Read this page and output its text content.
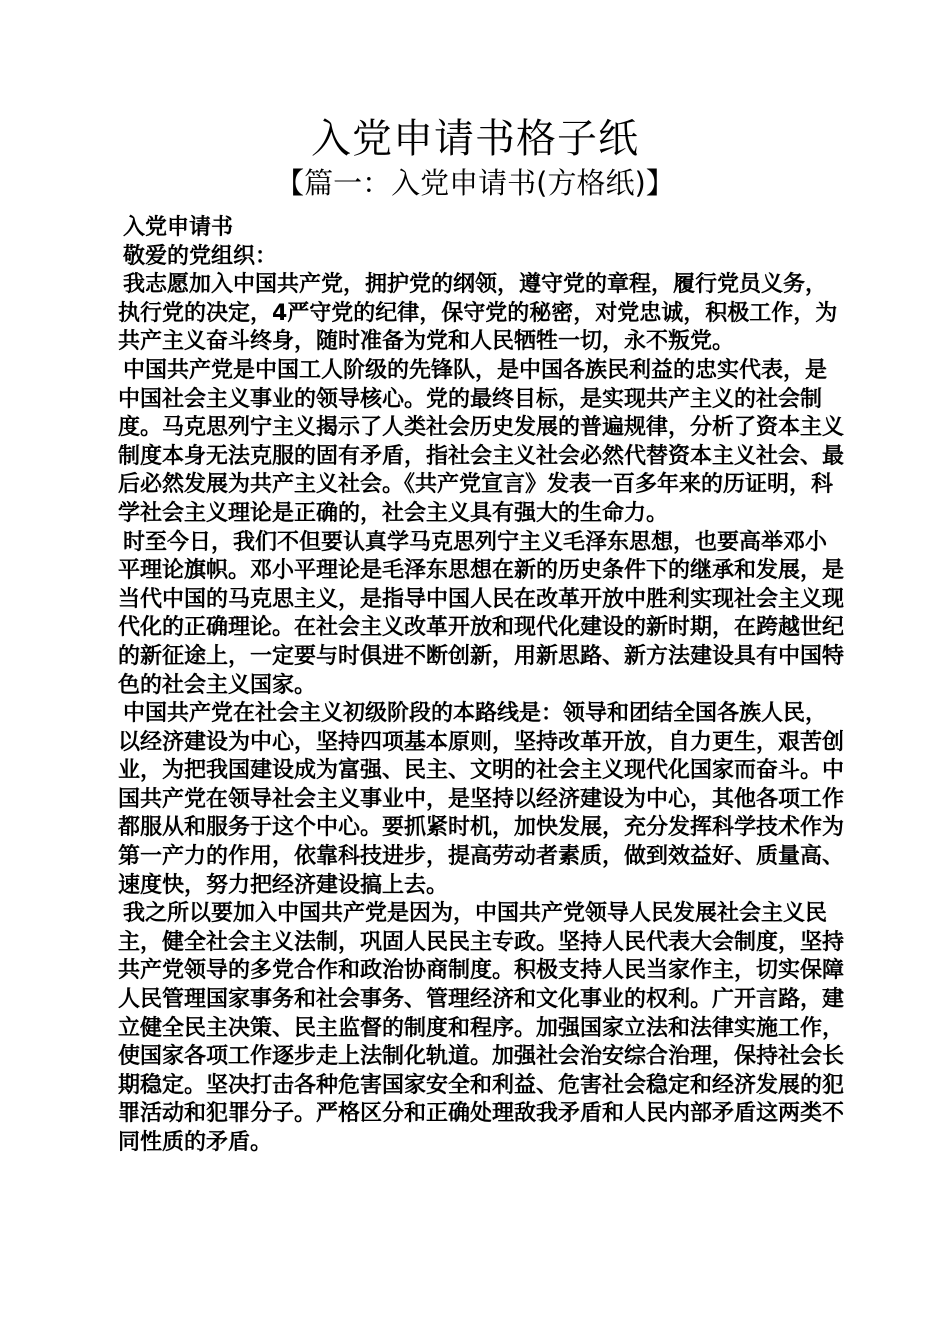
入党申请书格子纸
【篇一：入党申请书(方格纸)】

入党申请书

敬爱的党组织：

我志愿加入中国共产党，拥护党的纲领，遵守党的章程，履行党员义务，执行党的决定，4严守党的纪律，保守党的秘密，对党忠诚，积极工作，为共产主义奋斗终身，随时准备为党和人民牺牲一切，永不叛党。

中国共产党是中国工人阶级的先锋队，是中国各族民利益的忠实代表，是中国社会主义事业的领导核心。党的最终目标，是实现共产主义的社会制度。马克思列宁主义揭示了人类社会历史发展的普遍规律，分析了资本主义制度本身无法克服的固有矛盾，指社会主义社会必然代替资本主义社会、最后必然发展为共产主义社会。《共产党宣言》发表一百多年来的历证明，科学社会主义理论是正确的，社会主义具有强大的生命力。

时至今日，我们不但要认真学马克思列宁主义毛泽东思想，也要高举邓小平理论旗帜。邓小平理论是毛泽东思想在新的历史条件下的继承和发展，是当代中国的马克思主义，是指导中国人民在改革开放中胜利实现社会主义现代化的正确理论。在社会主义改革开放和现代化建设的新时期，在跨越世纪的新征途上，一定要与时俱进不断创新，用新思路、新方法建设具有中国特色的社会主义国家。

中国共产党在社会主义初级阶段的本路线是：领导和团结全国各族人民，以经济建设为中心，坚持四项基本原则，坚持改革开放，自力更生，艰苦创业，为把我国建设成为富强、民主、文明的社会主义现代化国家而奋斗。中国共产党在领导社会主义事业中，是坚持以经济建设为中心，其他各项工作都服从和服务于这个中心。要抓紧时机，加快发展，充分发挥科学技术作为第一产力的作用，依靠科技进步，提高劳动者素质，做到效益好、质量高、速度快，努力把经济建设搞上去。

我之所以要加入中国共产党是因为，中国共产党领导人民发展社会主义民主，健全社会主义法制，巩固人民民主专政。坚持人民代表大会制度，坚持共产党领导的多党合作和政治协商制度。积极支持人民当家作主，切实保障人民管理国家事务和社会事务、管理经济和文化事业的权利。广开言路，建立健全民主决策、民主监督的制度和程序。加强国家立法和法律实施工作，使国家各项工作逐步走上法制化轨道。加强社会治安综合治理，保持社会长期稳定。坚决打击各种危害国家安全和利益、危害社会稳定和经济发展的犯罪活动和犯罪分子。严格区分和正确处理敌我矛盾和人民内部矛盾这两类不同性质的矛盾。
